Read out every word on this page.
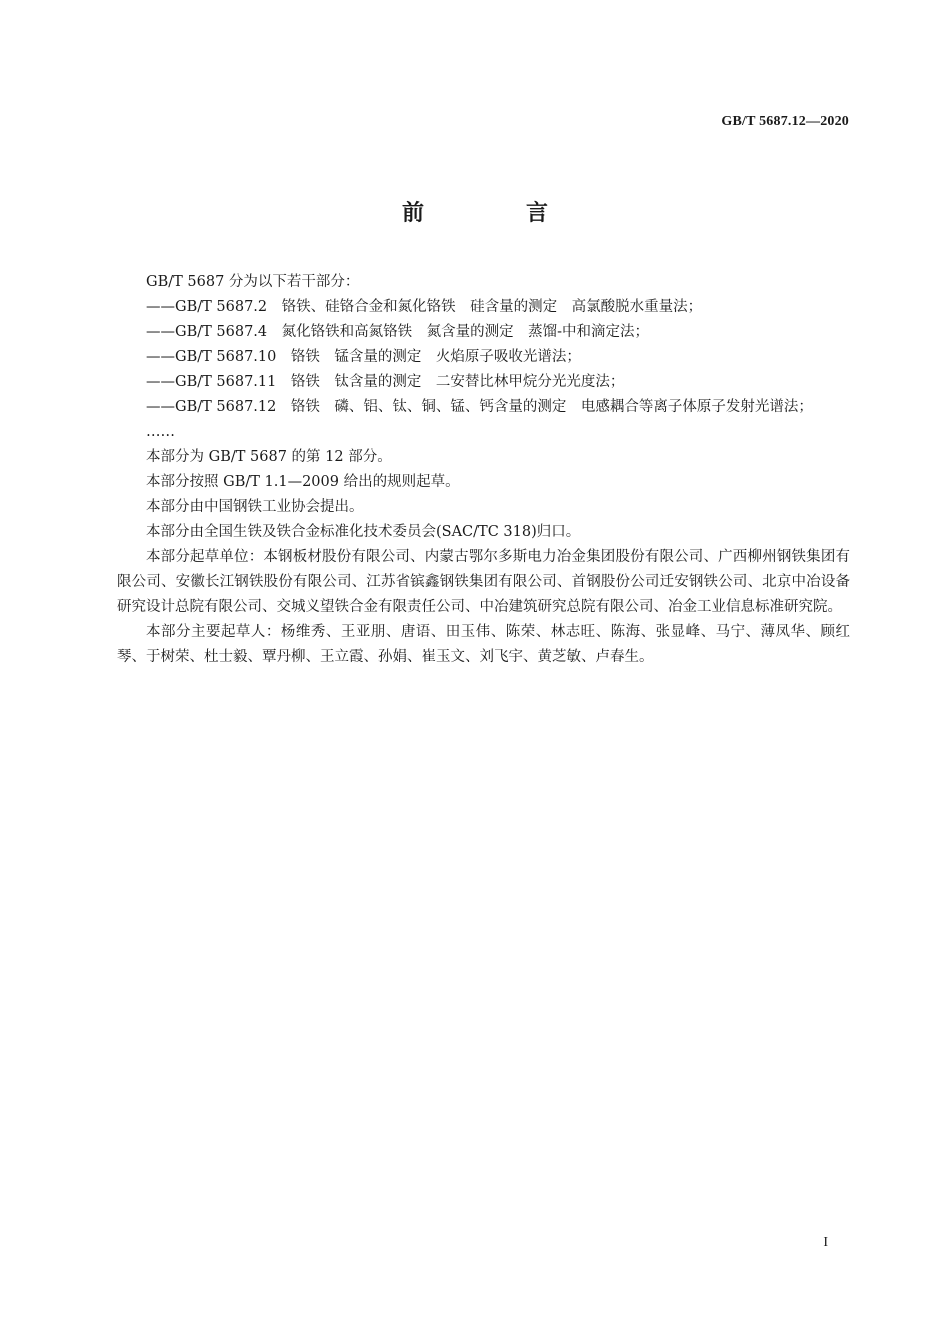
GB/T 5687.12—2020
前　言

GB/T 5687 分为以下若干部分：

——GB/T 5687.2　铬铁、硅铬合金和氮化铬铁　硅含量的测定　高氯酸脱水重量法；

——GB/T 5687.4　氮化铬铁和高氮铬铁　氮含量的测定　蒸馏-中和滴定法；

——GB/T 5687.10　铬铁　锰含量的测定　火焰原子吸收光谱法；

——GB/T 5687.11　铬铁　钛含量的测定　二安替比林甲烷分光光度法；

——GB/T 5687.12　铬铁　磷、铝、钛、铜、锰、钙含量的测定　电感耦合等离子体原子发射光谱法；

……

本部分为 GB/T 5687 的第 12 部分。

本部分按照 GB/T 1.1—2009 给出的规则起草。

本部分由中国钢铁工业协会提出。

本部分由全国生铁及铁合金标准化技术委员会(SAC/TC 318)归口。

本部分起草单位：本钢板材股份有限公司、内蒙古鄂尔多斯电力冶金集团股份有限公司、广西柳州钢铁集团有限公司、安徽长江钢铁股份有限公司、江苏省镔鑫钢铁集团有限公司、首钢股份公司迁安钢铁公司、北京中冶设备研究设计总院有限公司、交城义望铁合金有限责任公司、中冶建筑研究总院有限公司、冶金工业信息标准研究院。

本部分主要起草人：杨维秀、王亚朋、唐语、田玉伟、陈荣、林志旺、陈海、张显峰、马宁、薄凤华、顾红琴、于树荣、杜士毅、覃丹柳、王立霞、孙娟、崔玉文、刘飞宇、黄芝敏、卢春生。

I
